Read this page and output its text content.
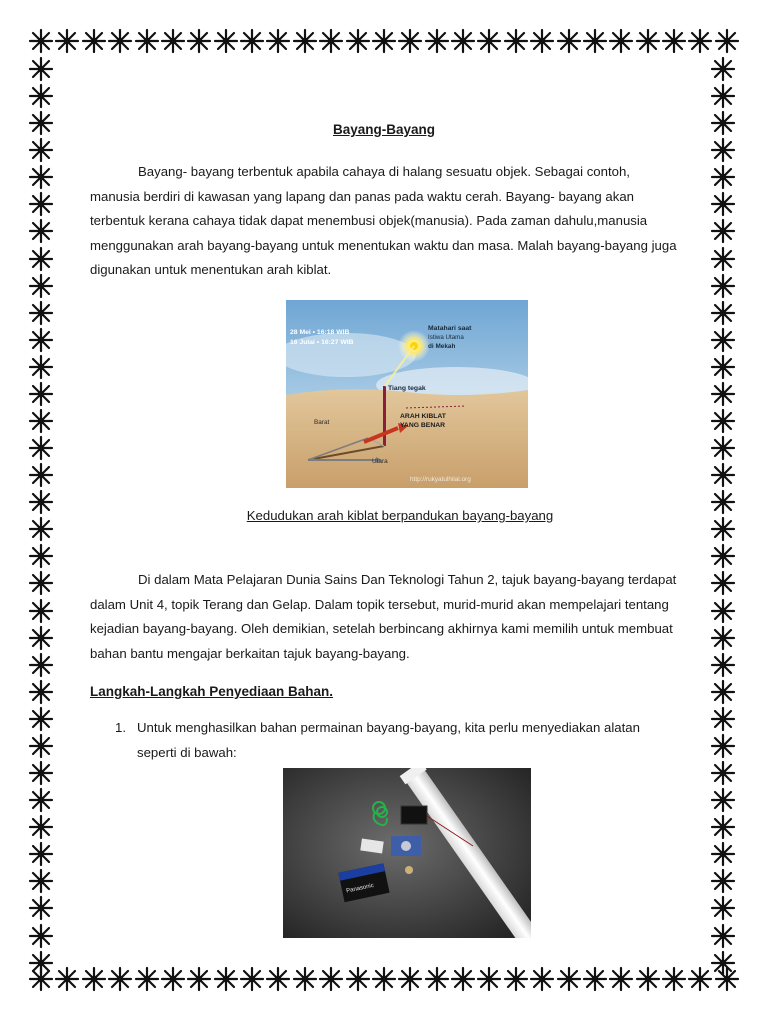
Bayang-Bayang

Bayang- bayang terbentuk apabila cahaya di halang sesuatu objek. Sebagai contoh, manusia berdiri di kawasan yang lapang dan panas pada waktu cerah. Bayang- bayang akan terbentuk kerana cahaya tidak dapat menembusi objek(manusia). Pada zaman dahulu,manusia menggunakan arah bayang-bayang untuk menentukan waktu dan masa. Malah bayang-bayang juga digunakan untuk menentukan arah kiblat.

28 Mei • 16:18 WIB
16 Julai • 16:27 WIB
Matahari saat
Istiwa Utama
di Mekah
Tiang tegak
ARAH KIBLAT
YANG BENAR
Barat
Utara
http://rukyatulhilal.org
Kedudukan arah kiblat berpandukan bayang-bayang

Di dalam Mata Pelajaran Dunia Sains Dan Teknologi Tahun 2, tajuk bayang-bayang terdapat dalam Unit 4, topik Terang dan Gelap. Dalam topik tersebut, murid-murid akan mempelajari tentang kejadian bayang-bayang. Oleh demikian, setelah berbincang akhirnya kami memilih untuk membuat bahan bantu mengajar berkaitan tajuk bayang-bayang.

Langkah-Langkah Penyediaan Bahan.
1. Untuk menghasilkan bahan permainan bayang-bayang, kita perlu menyediakan alatan seperti di bawah:
Panasonic
